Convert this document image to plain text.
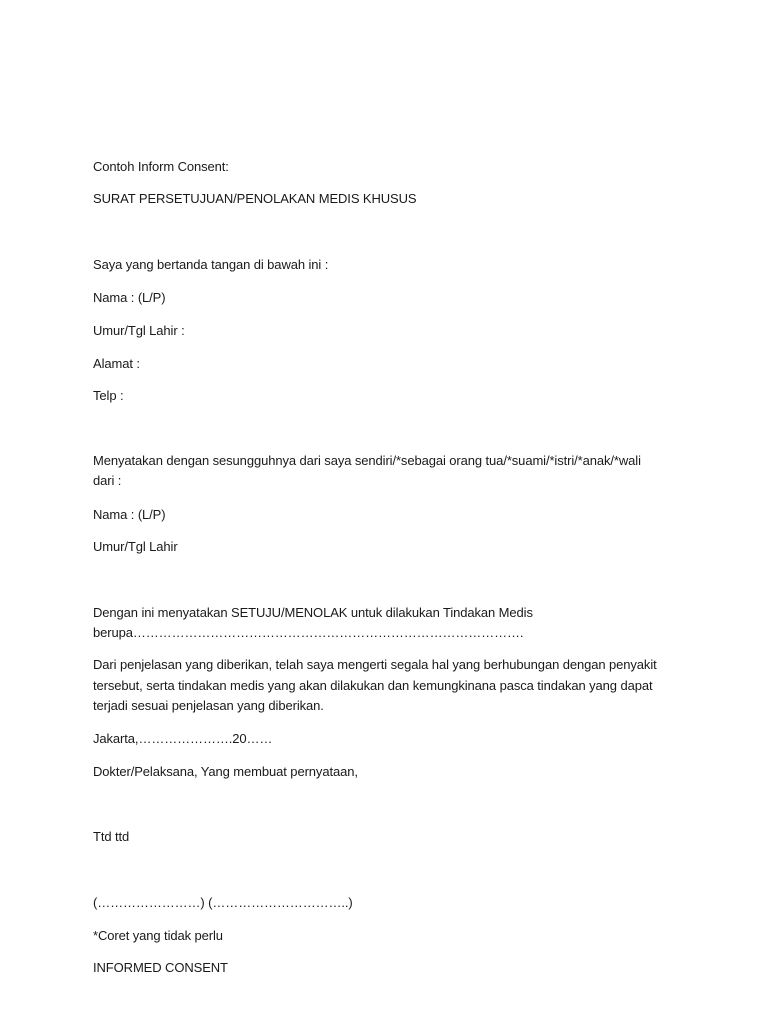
Contoh Inform Consent:
SURAT PERSETUJUAN/PENOLAKAN MEDIS KHUSUS
Saya yang bertanda tangan di bawah ini :
Nama : (L/P)
Umur/Tgl Lahir :
Alamat :
Telp :
Menyatakan dengan sesungguhnya dari saya sendiri/*sebagai orang tua/*suami/*istri/*anak/*wali
dari :
Nama : (L/P)
Umur/Tgl Lahir
Dengan ini menyatakan SETUJU/MENOLAK untuk dilakukan Tindakan Medis
berupa……………………………………………………………………………….
Dari penjelasan yang diberikan, telah saya mengerti segala hal yang berhubungan dengan penyakit
tersebut, serta tindakan medis yang akan dilakukan dan kemungkinana pasca tindakan yang dapat
terjadi sesuai penjelasan yang diberikan.
Jakarta,………………….20……
Dokter/Pelaksana, Yang membuat pernyataan,
Ttd ttd
(……………………) (…………………………..)
*Coret yang tidak perlu
INFORMED CONSENT
